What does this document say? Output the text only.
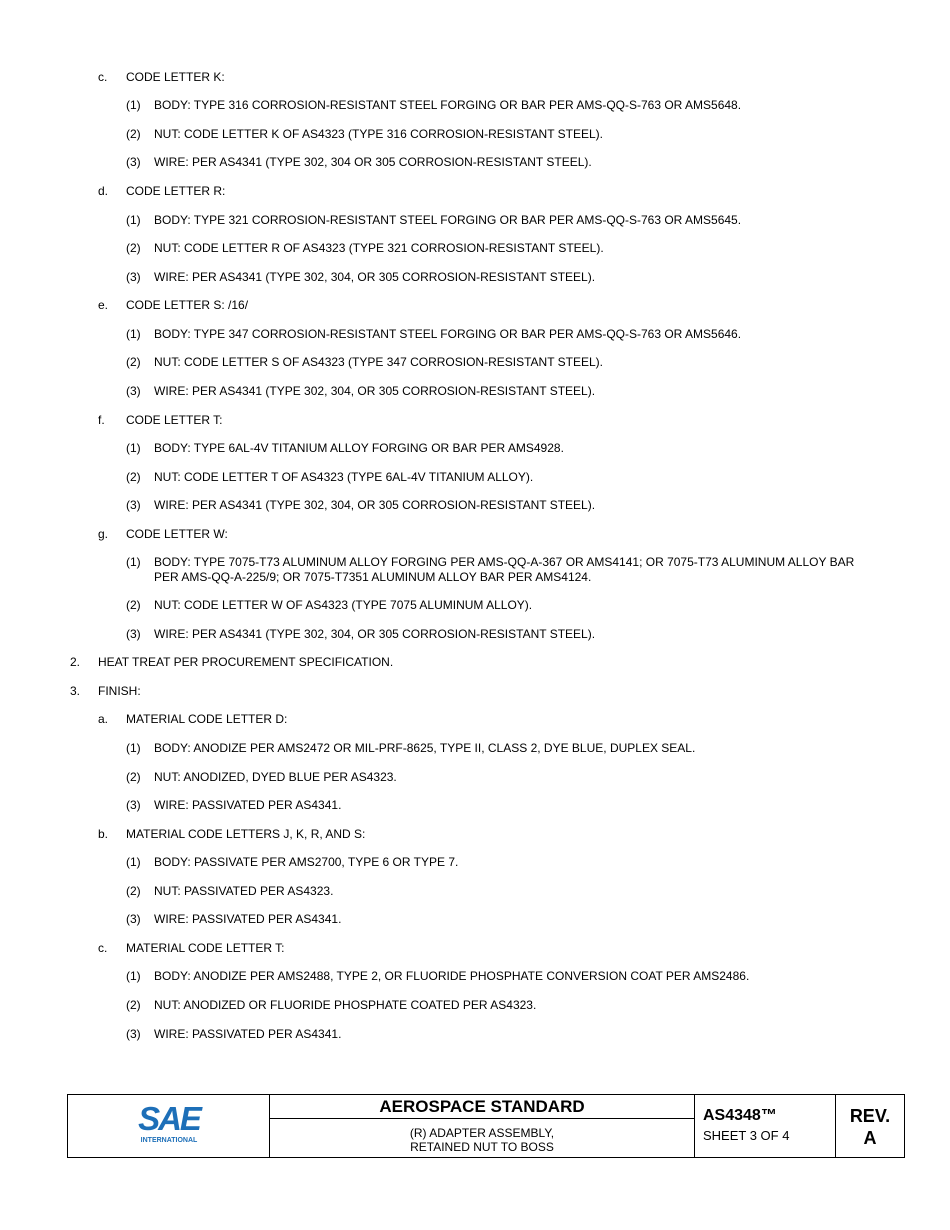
c. CODE LETTER K:
(1) BODY: TYPE 316 CORROSION-RESISTANT STEEL FORGING OR BAR PER AMS-QQ-S-763 OR AMS5648.
(2) NUT: CODE LETTER K OF AS4323 (TYPE 316 CORROSION-RESISTANT STEEL).
(3) WIRE: PER AS4341 (TYPE 302, 304 OR 305 CORROSION-RESISTANT STEEL).
d. CODE LETTER R:
(1) BODY: TYPE 321 CORROSION-RESISTANT STEEL FORGING OR BAR PER AMS-QQ-S-763 OR AMS5645.
(2) NUT: CODE LETTER R OF AS4323 (TYPE 321 CORROSION-RESISTANT STEEL).
(3) WIRE: PER AS4341 (TYPE 302, 304, OR 305 CORROSION-RESISTANT STEEL).
e. CODE LETTER S: /16/
(1) BODY: TYPE 347 CORROSION-RESISTANT STEEL FORGING OR BAR PER AMS-QQ-S-763 OR AMS5646.
(2) NUT: CODE LETTER S OF AS4323 (TYPE 347 CORROSION-RESISTANT STEEL).
(3) WIRE: PER AS4341 (TYPE 302, 304, OR 305 CORROSION-RESISTANT STEEL).
f. CODE LETTER T:
(1) BODY: TYPE 6AL-4V TITANIUM ALLOY FORGING OR BAR PER AMS4928.
(2) NUT: CODE LETTER T OF AS4323 (TYPE 6AL-4V TITANIUM ALLOY).
(3) WIRE: PER AS4341 (TYPE 302, 304, OR 305 CORROSION-RESISTANT STEEL).
g. CODE LETTER W:
(1) BODY: TYPE 7075-T73 ALUMINUM ALLOY FORGING PER AMS-QQ-A-367 OR AMS4141; OR 7075-T73 ALUMINUM ALLOY BAR PER AMS-QQ-A-225/9; OR 7075-T7351 ALUMINUM ALLOY BAR PER AMS4124.
(2) NUT: CODE LETTER W OF AS4323 (TYPE 7075 ALUMINUM ALLOY).
(3) WIRE: PER AS4341 (TYPE 302, 304, OR 305 CORROSION-RESISTANT STEEL).
2. HEAT TREAT PER PROCUREMENT SPECIFICATION.
3. FINISH:
a. MATERIAL CODE LETTER D:
(1) BODY: ANODIZE PER AMS2472 OR MIL-PRF-8625, TYPE II, CLASS 2, DYE BLUE, DUPLEX SEAL.
(2) NUT: ANODIZED, DYED BLUE PER AS4323.
(3) WIRE: PASSIVATED PER AS4341.
b. MATERIAL CODE LETTERS J, K, R, AND S:
(1) BODY: PASSIVATE PER AMS2700, TYPE 6 OR TYPE 7.
(2) NUT: PASSIVATED PER AS4323.
(3) WIRE: PASSIVATED PER AS4341.
c. MATERIAL CODE LETTER T:
(1) BODY: ANODIZE PER AMS2488, TYPE 2, OR FLUORIDE PHOSPHATE CONVERSION COAT PER AMS2486.
(2) NUT: ANODIZED OR FLUORIDE PHOSPHATE COATED PER AS4323.
(3) WIRE: PASSIVATED PER AS4341.
SAE
INTERNATIONAL
AEROSPACE STANDARD
(R) ADAPTER ASSEMBLY,
RETAINED NUT TO BOSS
AS4348™
SHEET 3 OF 4
REV.
A
